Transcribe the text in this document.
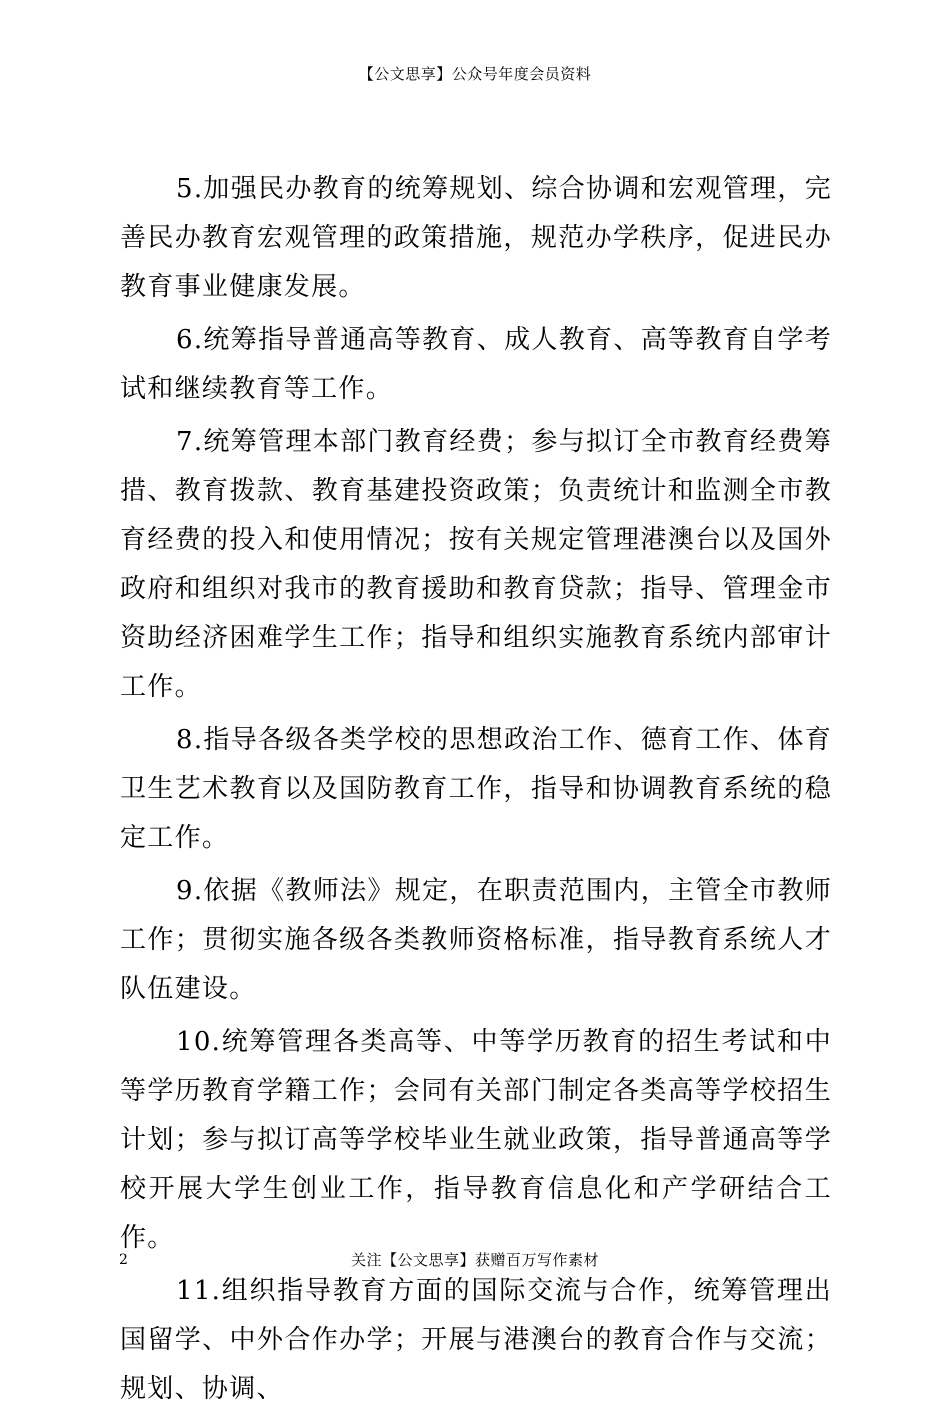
【公文思享】公众号年度会员资料

5.加强民办教育的统筹规划、综合协调和宏观管理，完善民办教育宏观管理的政策措施，规范办学秩序，促进民办教育事业健康发展。

6.统筹指导普通高等教育、成人教育、高等教育自学考试和继续教育等工作。

7.统筹管理本部门教育经费；参与拟订全市教育经费筹措、教育拨款、教育基建投资政策；负责统计和监测全市教育经费的投入和使用情况；按有关规定管理港澳台以及国外政府和组织对我市的教育援助和教育贷款；指导、管理金市资助经济困难学生工作；指导和组织实施教育系统内部审计工作。

8.指导各级各类学校的思想政治工作、德育工作、体育卫生艺术教育以及国防教育工作，指导和协调教育系统的稳定工作。

9.依据《教师法》规定，在职责范围内，主管全市教师工作；贯彻实施各级各类教师资格标准，指导教育系统人才队伍建设。

10.统筹管理各类高等、中等学历教育的招生考试和中等学历教育学籍工作；会同有关部门制定各类高等学校招生计划；参与拟订高等学校毕业生就业政策，指导普通高等学校开展大学生创业工作，指导教育信息化和产学研结合工作。

11.组织指导教育方面的国际交流与合作，统筹管理出国留学、中外合作办学；开展与港澳台的教育合作与交流；规划、协调、

关注【公文思享】获赠百万写作素材
2
